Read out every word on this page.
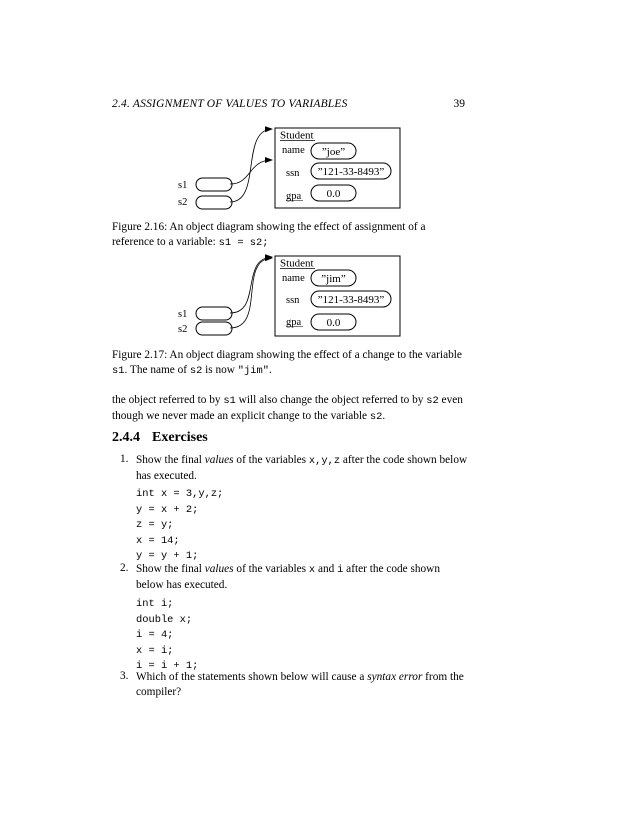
2.4. ASSIGNMENT OF VALUES TO VARIABLES	39
Student
name ”joe”
ssn ”121-33-8493”
gpa 0.0
s1
s2
Student
name ”jim”
ssn ”121-33-8493”
gpa 0.0
s1
s2
Figure 2.16: An object diagram showing the effect of assignment of a reference to a variable: s1 = s2;
Figure 2.17: An object diagram showing the effect of a change to the variable s1. The name of s2 is now "jim".
the object referred to by s1 will also change the object referred to by s2 even though we never made an explicit change to the variable s2.
2.4.4 Exercises
1. Show the final values of the variables x,y,z after the code shown below has executed.
int x = 3,y,z;
y = x + 2;
z = y;
x = 14;
y = y + 1;
2. Show the final values of the variables x and i after the code shown below has executed.
int i;
double x;
i = 4;
x = i;
i = i + 1;
3. Which of the statements shown below will cause a syntax error from the compiler?
